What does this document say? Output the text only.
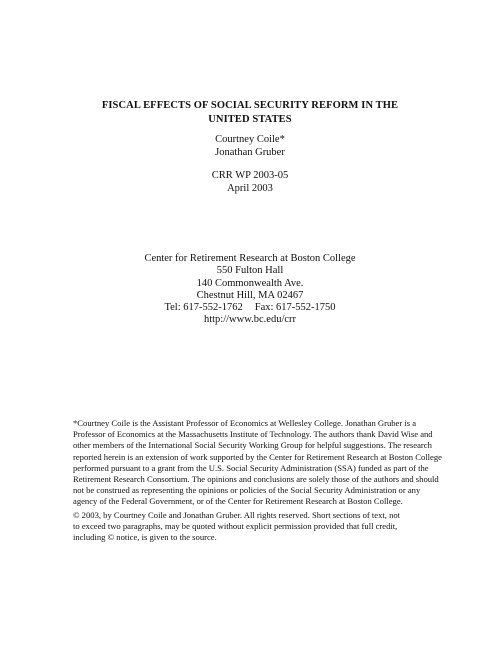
FISCAL EFFECTS OF SOCIAL SECURITY REFORM IN THE
UNITED STATES
Courtney Coile*
Jonathan Gruber
CRR WP 2003-05
April 2003
Center for Retirement Research at Boston College
550 Fulton Hall
140 Commonwealth Ave.
Chestnut Hill, MA 02467
Tel: 617-552-1762 Fax: 617-552-1750
http://www.bc.edu/crr
*Courtney Coile is the Assistant Professor of Economics at Wellesley College. Jonathan Gruber is a
Professor of Economics at the Massachusetts Institute of Technology. The authors thank David Wise and
other members of the International Social Security Working Group for helpful suggestions. The research
reported herein is an extension of work supported by the Center for Retirement Research at Boston College
performed pursuant to a grant from the U.S. Social Security Administration (SSA) funded as part of the
Retirement Research Consortium. The opinions and conclusions are solely those of the authors and should
not be construed as representing the opinions or policies of the Social Security Administration or any
agency of the Federal Government, or of the Center for Retirement Research at Boston College.
© 2003, by Courtney Coile and Jonathan Gruber. All rights reserved. Short sections of text, not
to exceed two paragraphs, may be quoted without explicit permission provided that full credit,
including © notice, is given to the source.
